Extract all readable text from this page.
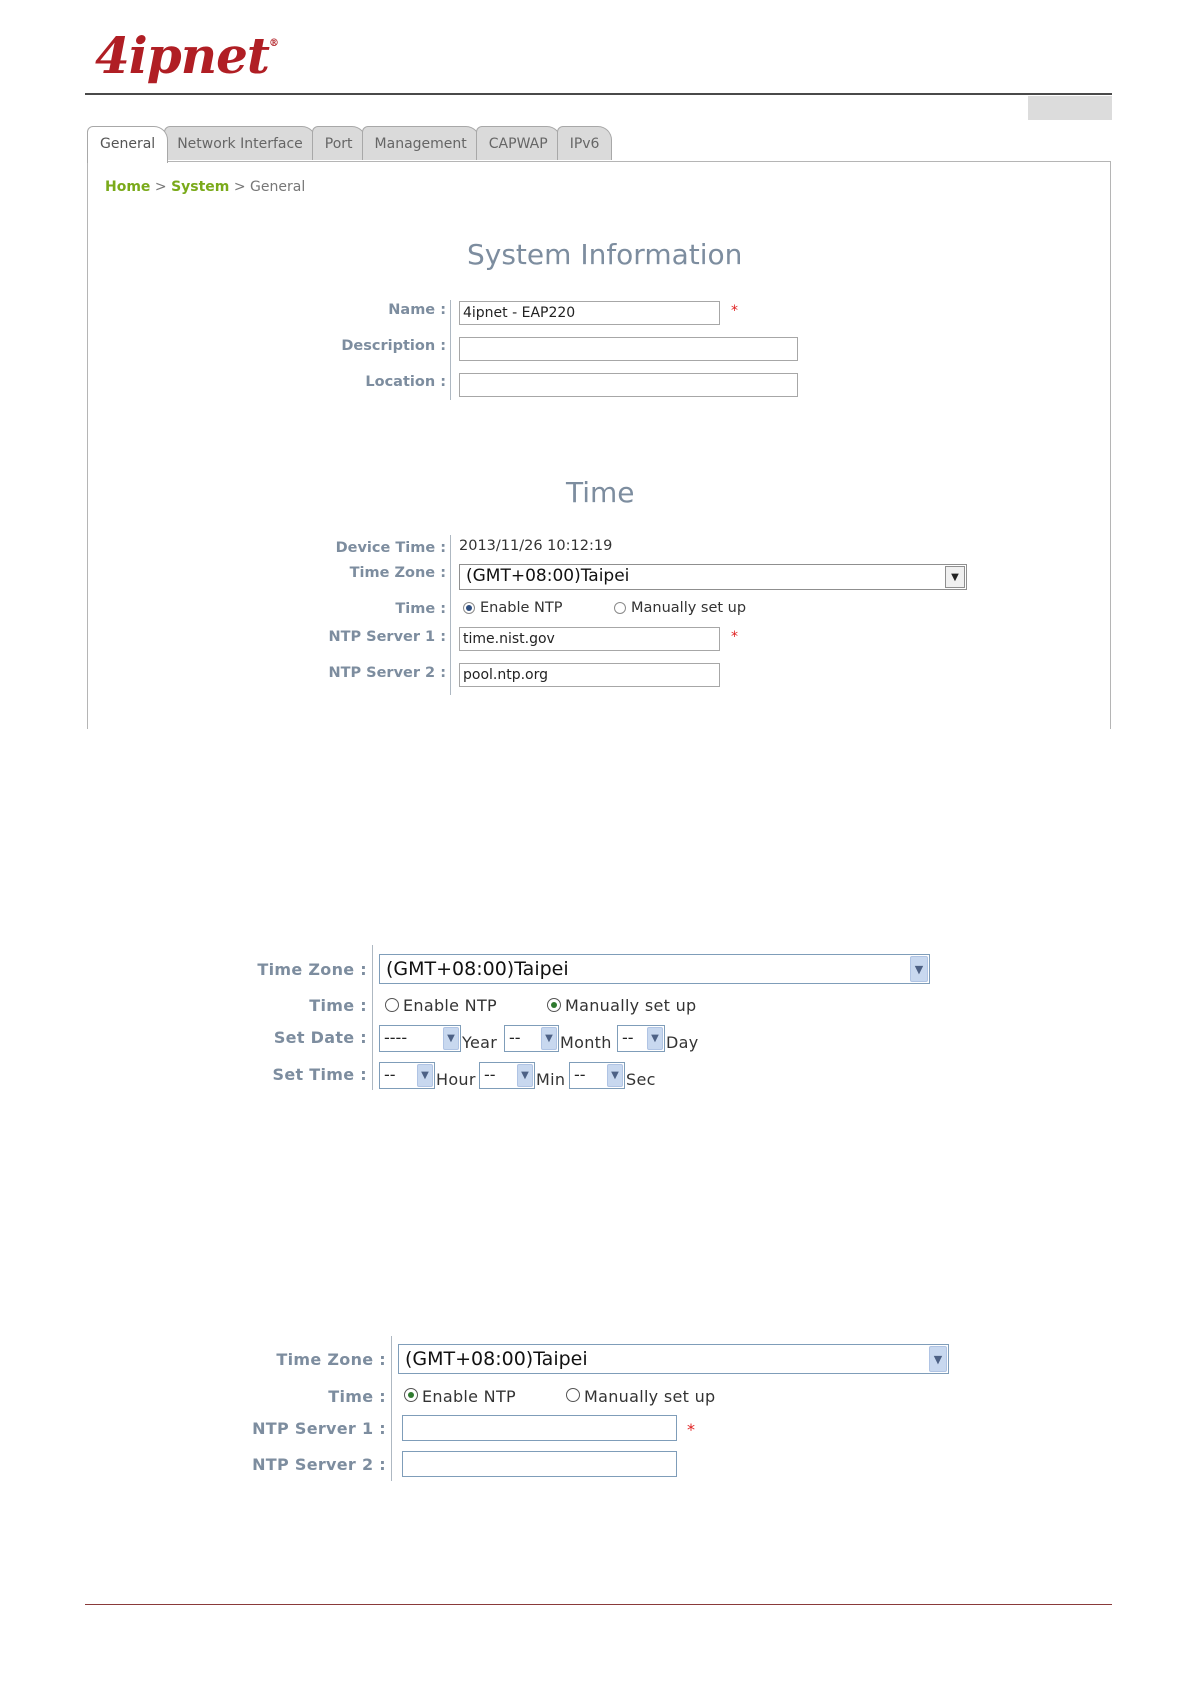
4ipnet®
General	Network Interface	Port	Management	CAPWAP	IPv6
Home > System > General
System Information
Name :
4ipnet - EAP220	*
Description :
Location :
Time
Device Time : 2013/11/26 10:12:19
Time Zone :	(GMT+08:00)Taipei	▼
Time : Enable NTP	Manually set up
NTP Server 1 :
time.nist.gov	*
NTP Server 2 :
pool.ntp.org
Time Zone :	(GMT+08:00)Taipei	▼
Time : Enable NTP	Manually set up
Set Date :	----	▼ Year --	▼ Month --	▼ Day
Set Time :	--	▼ Hour --	▼ Min --	▼ Sec
Time Zone :	(GMT+08:00)Taipei	▼
Time : Enable NTP	Manually set up
NTP Server 1 :	*
NTP Server 2 :
